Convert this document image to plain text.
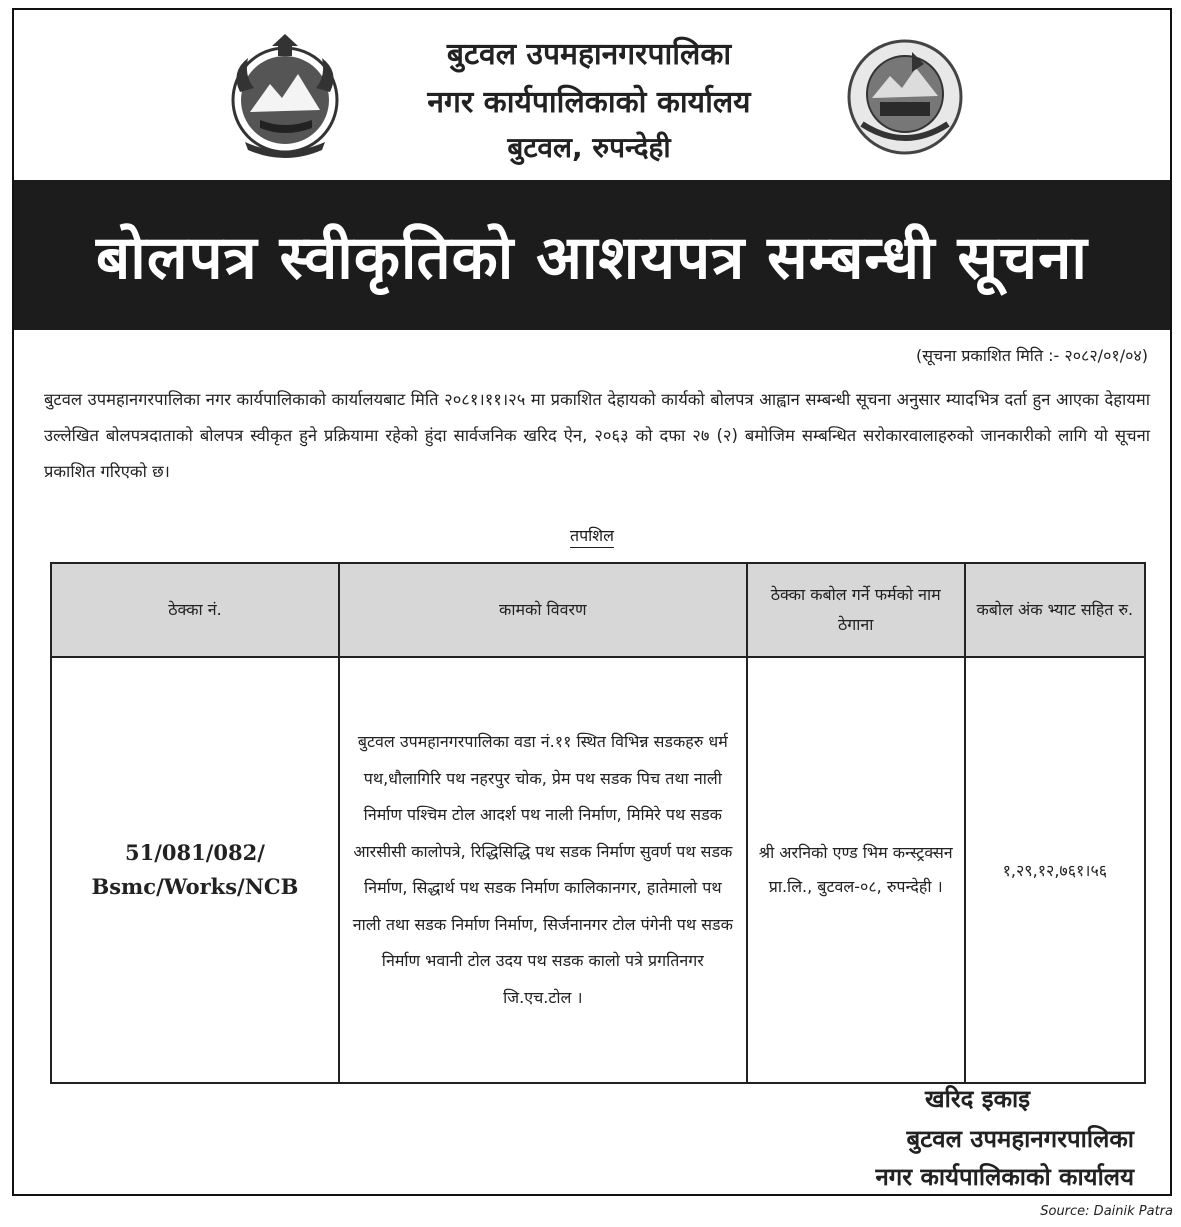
बुटवल उपमहानगरपालिका
नगर कार्यपालिकाको कार्यालय
बुटवल, रुपन्देही
बोलपत्र स्वीकृतिको आशयपत्र सम्बन्धी सूचना
(सूचना प्रकाशित मिति :- २०८२/०१/०४)
बुटवल उपमहानगरपालिका नगर कार्यपालिकाको कार्यालयबाट मिति २०८१।११।२५ मा प्रकाशित देहायको कार्यको बोलपत्र आह्वान सम्बन्धी सूचना अनुसार म्यादभित्र दर्ता हुन आएका देहायमा उल्लेखित बोलपत्रदाताको बोलपत्र स्वीकृत हुने प्रक्रियामा रहेको हुंदा सार्वजनिक खरिद ऐन, २०६३ को दफा २७ (२) बमोजिम सम्बन्धित सरोकारवालाहरुको जानकारीको लागि यो सूचना प्रकाशित गरिएको छ।
तपशिल
ठेक्का नं.	कामको विवरण	ठेक्का कबोल गर्ने फर्मको नाम ठेगाना	कबोल अंक भ्याट सहित रु.
51/081/082/ Bsmc/Works/NCB	बुटवल उपमहानगरपालिका वडा नं.११ स्थित विभिन्न सडकहरु धर्म पथ,धौलागिरि पथ नहरपुर चोक, प्रेम पथ सडक पिच तथा नाली निर्माण पश्चिम टोल आदर्श पथ नाली निर्माण, मिमिरे पथ सडक आरसीसी कालोपत्रे, रिद्धिसिद्धि पथ सडक निर्माण सुवर्ण पथ सडक निर्माण, सिद्धार्थ पथ सडक निर्माण कालिकानगर, हातेमालो पथ नाली तथा सडक निर्माण निर्माण, सिर्जनानगर टोल पंगेनी पथ सडक निर्माण भवानी टोल उदय पथ सडक कालो पत्रे प्रगतिनगर जि.एच.टोल ।	श्री अरनिको एण्ड भिम कन्स्ट्रक्सन प्रा.लि., बुटवल-०८, रुपन्देही ।	१,२९,१२,७६१।५६
खरिद इकाइ
बुटवल उपमहानगरपालिका
नगर कार्यपालिकाको कार्यालय
Source: Dainik Patra
